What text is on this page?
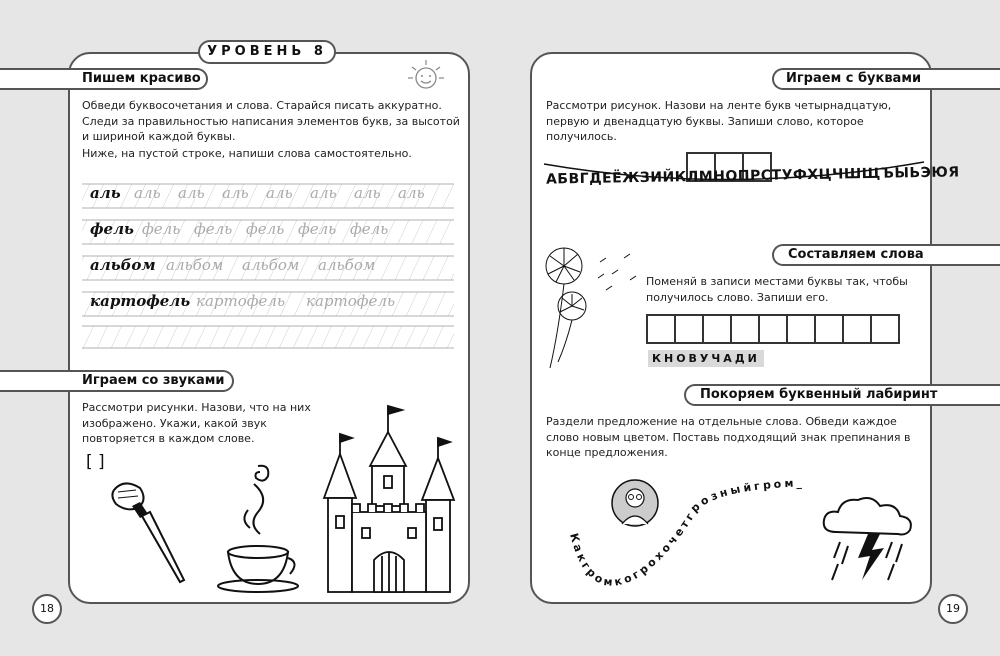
УРОВЕНЬ 8
Пишем красиво
Обведи буквосочетания и слова. Старайся писать аккуратно. Следи за правильностью написания элементов букв, за высотой и шириной каждой буквы.
Ниже, на пустой строке, напиши слова самостоятельно.
аль аль аль аль аль аль аль аль
фель фель фель фель фель фель
альбом альбом альбом альбом
картофель картофель картофель
Играем со звуками
Рассмотри рисунки. Назови, что на них изображено. Укажи, какой звук повторяется в каждом слове.
[ ]
18
Играем с буквами
Рассмотри рисунок. Назови на ленте букв четырнадцатую, первую и двенадцатую буквы. Запиши слово, которое получилось.
АБВГДЕЁЖЗИЙКЛМНОПРСТУФХЦЧШЩЪЫЬЭЮЯ
Составляем слова
Поменяй в записи местами буквы так, чтобы получилось слово. Запиши его.
КНОВУЧАДИ
Покоряем буквенный лабиринт
Раздели предложение на отдельные слова. Обведи каждое слово новым цветом. Поставь подходящий знак препинания в конце предложения.
Какгромкогрохочетгрозныйгром_
19
